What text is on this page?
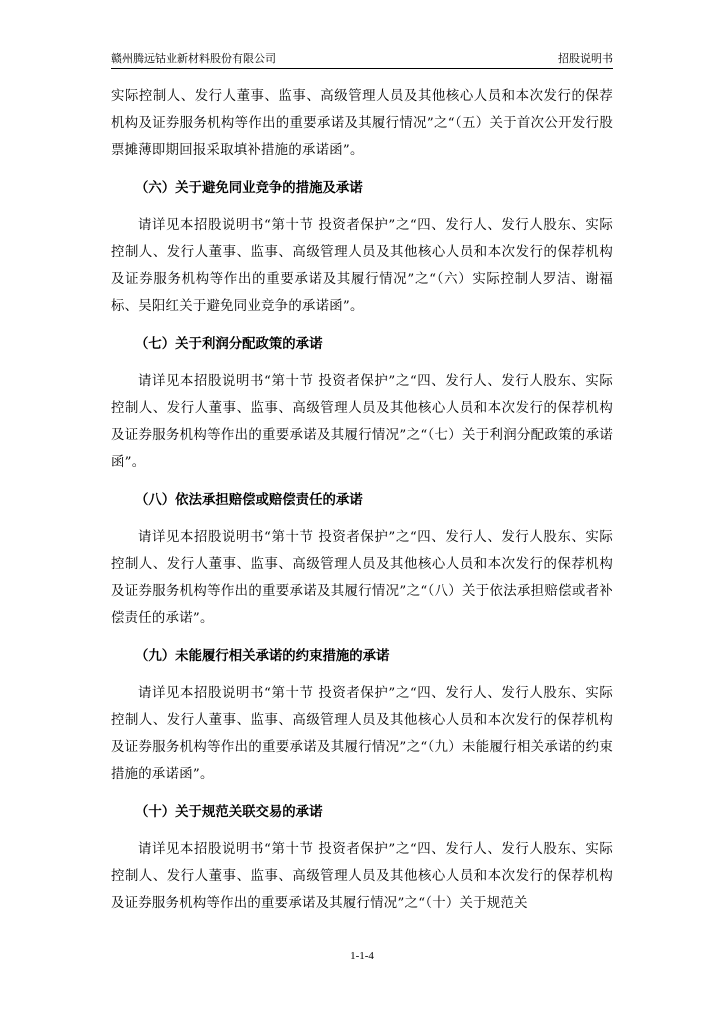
赣州腾远钴业新材料股份有限公司	招股说明书

实际控制人、发行人董事、监事、高级管理人员及其他核心人员和本次发行的保荐机构及证券服务机构等作出的重要承诺及其履行情况”之“（五）关于首次公开发行股票摊薄即期回报采取填补措施的承诺函”。

（六）关于避免同业竞争的措施及承诺

请详见本招股说明书“第十节 投资者保护”之“四、发行人、发行人股东、实际控制人、发行人董事、监事、高级管理人员及其他核心人员和本次发行的保荐机构及证券服务机构等作出的重要承诺及其履行情况”之“（六）实际控制人罗洁、谢福标、吴阳红关于避免同业竞争的承诺函”。

（七）关于利润分配政策的承诺

请详见本招股说明书“第十节 投资者保护”之“四、发行人、发行人股东、实际控制人、发行人董事、监事、高级管理人员及其他核心人员和本次发行的保荐机构及证券服务机构等作出的重要承诺及其履行情况”之“（七）关于利润分配政策的承诺函”。

（八）依法承担赔偿或赔偿责任的承诺

请详见本招股说明书“第十节 投资者保护”之“四、发行人、发行人股东、实际控制人、发行人董事、监事、高级管理人员及其他核心人员和本次发行的保荐机构及证券服务机构等作出的重要承诺及其履行情况”之“（八）关于依法承担赔偿或者补偿责任的承诺”。

（九）未能履行相关承诺的约束措施的承诺

请详见本招股说明书“第十节 投资者保护”之“四、发行人、发行人股东、实际控制人、发行人董事、监事、高级管理人员及其他核心人员和本次发行的保荐机构及证券服务机构等作出的重要承诺及其履行情况”之“（九）未能履行相关承诺的约束措施的承诺函”。

（十）关于规范关联交易的承诺

请详见本招股说明书“第十节 投资者保护”之“四、发行人、发行人股东、实际控制人、发行人董事、监事、高级管理人员及其他核心人员和本次发行的保荐机构及证券服务机构等作出的重要承诺及其履行情况”之“（十）关于规范关

1-1-4
